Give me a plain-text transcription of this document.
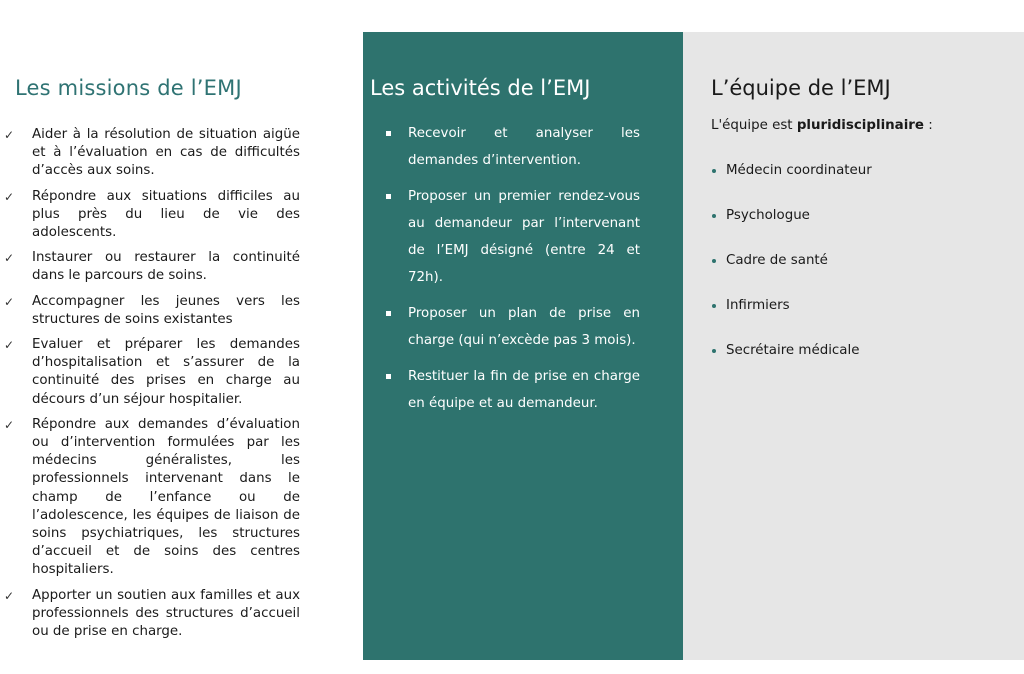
Les missions de l’EMJ
✓ Aider à la résolution de situation aigüe et à l’évaluation en cas de difficultés d’accès aux soins.
✓ Répondre aux situations difficiles au plus près du lieu de vie des adolescents.
✓ Instaurer ou restaurer la continuité dans le parcours de soins.
✓ Accompagner les jeunes vers les structures de soins existantes
✓ Evaluer et préparer les demandes d’hospitalisation et s’assurer de la continuité des prises en charge au décours d’un séjour hospitalier.
✓ Répondre aux demandes d’évaluation ou d’intervention formulées par les médecins généralistes, les professionnels intervenant dans le champ de l’enfance ou de l’adolescence, les équipes de liaison de soins psychiatriques, les structures d’accueil et de soins des centres hospitaliers.
✓ Apporter un soutien aux familles et aux professionnels des structures d’accueil ou de prise en charge.
Les activités de l’EMJ
Recevoir et analyser les demandes d’intervention.
Proposer un premier rendez-vous au demandeur par l’intervenant de l’EMJ désigné (entre 24 et 72h).
Proposer un plan de prise en charge (qui n’excède pas 3 mois).
Restituer la fin de prise en charge en équipe et au demandeur.
L’équipe de l’EMJ

L'équipe est pluridisciplinaire :

Médecin coordinateur
Psychologue
Cadre de santé
Infirmiers
Secrétaire médicale
